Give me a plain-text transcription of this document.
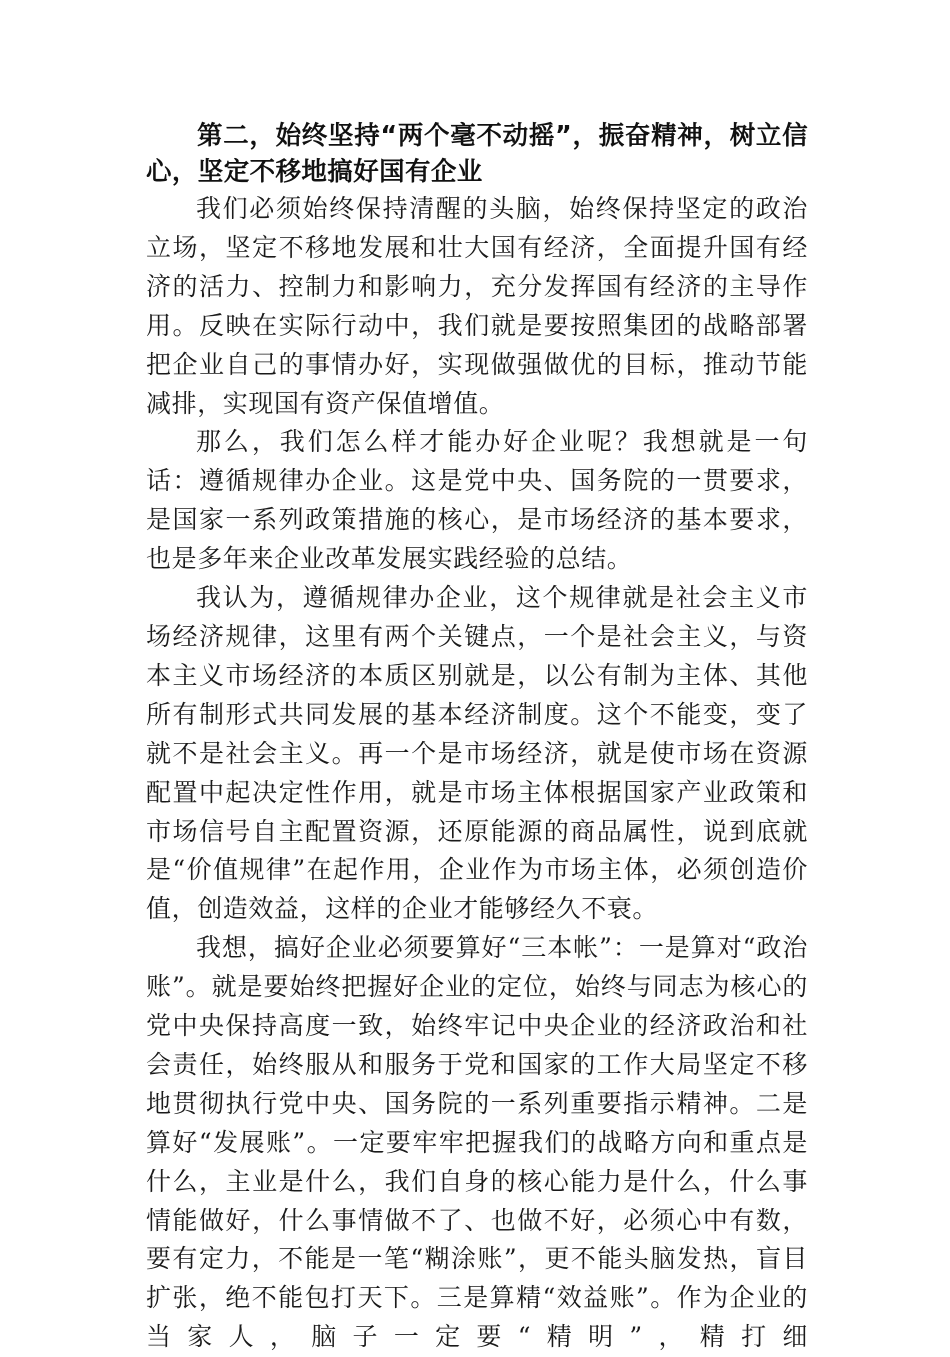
第二，始终坚持“两个毫不动摇”，振奋精神，树立信心，坚定不移地搞好国有企业

我们必须始终保持清醒的头脑，始终保持坚定的政治立场，坚定不移地发展和壮大国有经济，全面提升国有经济的活力、控制力和影响力，充分发挥国有经济的主导作用。反映在实际行动中，我们就是要按照集团的战略部署把企业自己的事情办好，实现做强做优的目标，推动节能减排，实现国有资产保值增值。

那么，我们怎么样才能办好企业呢？我想就是一句话：遵循规律办企业。这是党中央、国务院的一贯要求，是国家一系列政策措施的核心，是市场经济的基本要求，也是多年来企业改革发展实践经验的总结。

我认为，遵循规律办企业，这个规律就是社会主义市场经济规律，这里有两个关键点，一个是社会主义，与资本主义市场经济的本质区别就是，以公有制为主体、其他所有制形式共同发展的基本经济制度。这个不能变，变了就不是社会主义。再一个是市场经济，就是使市场在资源配置中起决定性作用，就是市场主体根据国家产业政策和市场信号自主配置资源，还原能源的商品属性，说到底就是“价值规律”在起作用，企业作为市场主体，必须创造价值，创造效益，这样的企业才能够经久不衰。

我想，搞好企业必须要算好“三本帐”：一是算对“政治账”。就是要始终把握好企业的定位，始终与同志为核心的党中央保持高度一致，始终牢记中央企业的经济政治和社会责任，始终服从和服务于党和国家的工作大局坚定不移地贯彻执行党中央、国务院的一系列重要指示精神。二是算好“发展账”。一定要牢牢把握我们的战略方向和重点是什么，主业是什么，我们自身的核心能力是什么，什么事情能做好，什么事情做不了、也做不好，必须心中有数，要有定力，不能是一笔“糊涂账”，更不能头脑发热，盲目扩张，绝不能包打天下。三是算精“效益账”。作为企业的当家人，脑子一定要“精明”，精打细
